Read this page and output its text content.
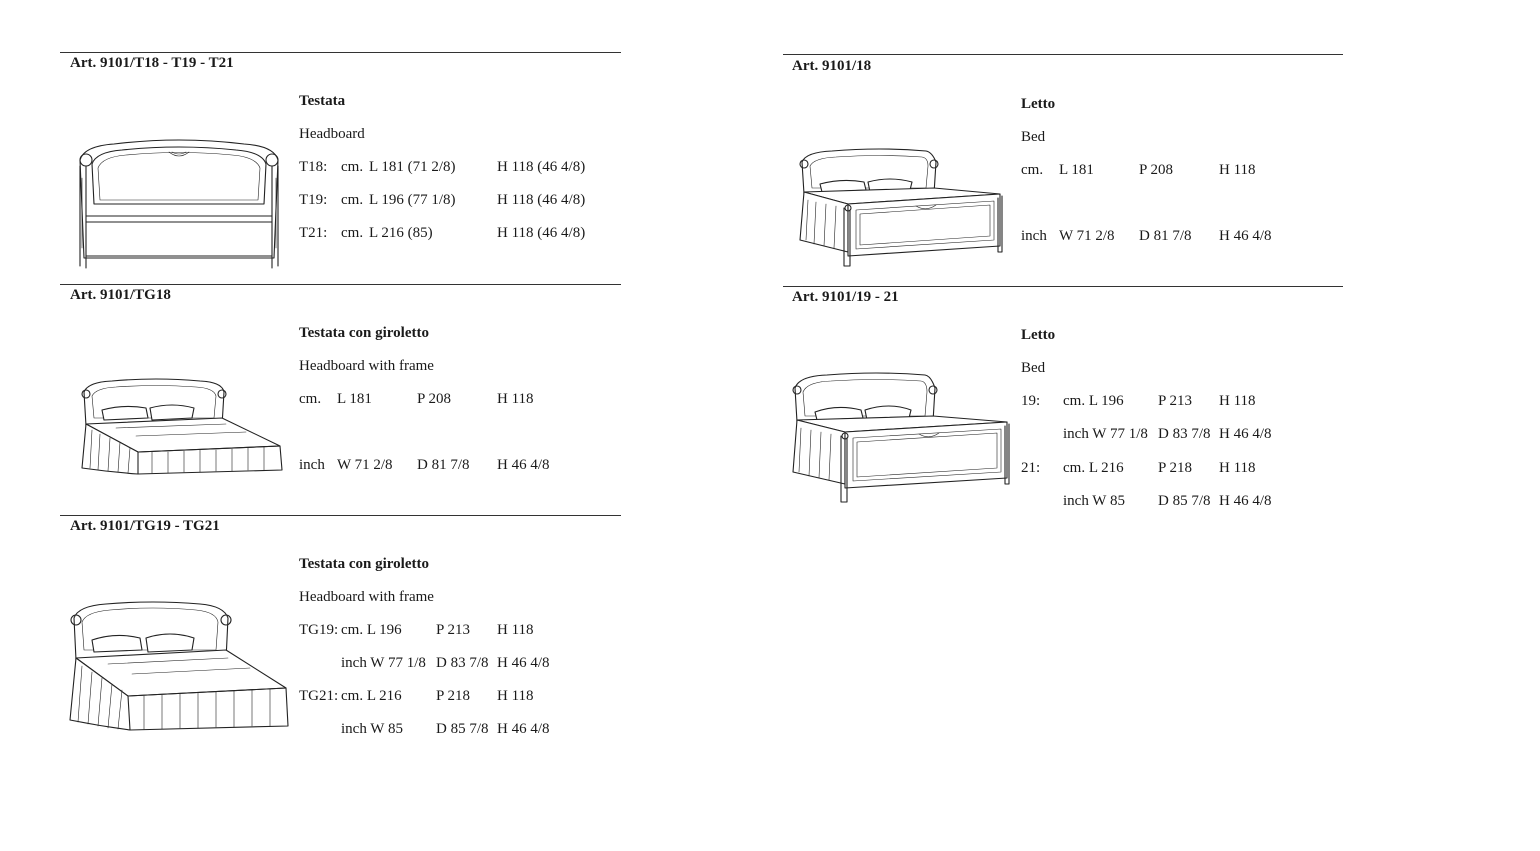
Art. 9101/T18 - T19 - T21
Testata
Headboard
T18: cm. L 181 (71 2/8)	H 118 (46 4/8)
T19: cm. L 196 (77 1/8)	H 118 (46 4/8)
T21: cm. L 216 (85)	H 118 (46 4/8)
Art. 9101/TG18
Testata con giroletto
Headboard with frame
cm. L 181	P 208	H 118
inch W 71 2/8 D 81 7/8 H 46 4/8
Art. 9101/TG19 - TG21
Testata con giroletto
Headboard with frame
TG19: cm. L 196 P 213 H 118
inch W 77 1/8 D 83 7/8 H 46 4/8
TG21: cm. L 216 P 218 H 118
inch W 85 D 85 7/8 H 46 4/8
Art. 9101/18
Letto
Bed
cm. L 181	P 208	H 118
inch W 71 2/8 D 81 7/8 H 46 4/8
Art. 9101/19 - 21
Letto
Bed
19: cm. L 196 P 213 H 118
inch W 77 1/8 D 83 7/8 H 46 4/8
21: cm. L 216 P 218 H 118
inch W 85 D 85 7/8 H 46 4/8
